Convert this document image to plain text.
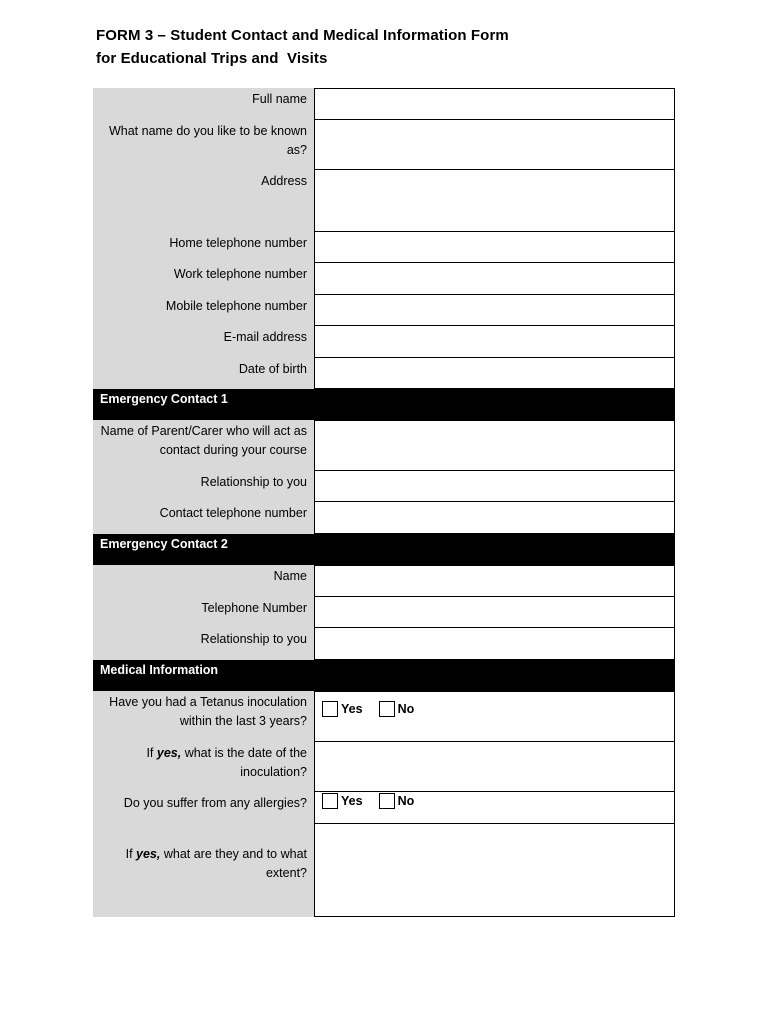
FORM 3 – Student Contact and Medical Information Form
for Educational Trips and  Visits
Full name
What name do you like to be known as?
Address
Home telephone number
Work telephone number
Mobile telephone number
E-mail address
Date of birth
Emergency Contact 1
Name of Parent/Carer who will act as contact during your course
Relationship to you
Contact telephone number
Emergency Contact 2
Name
Telephone Number
Relationship to you
Medical Information
Have you had a Tetanus inoculation within the last 3 years?
Yes	No
If yes, what is the date of the inoculation?
Do you suffer from any allergies?	Yes	No
If yes, what are they and to what extent?
